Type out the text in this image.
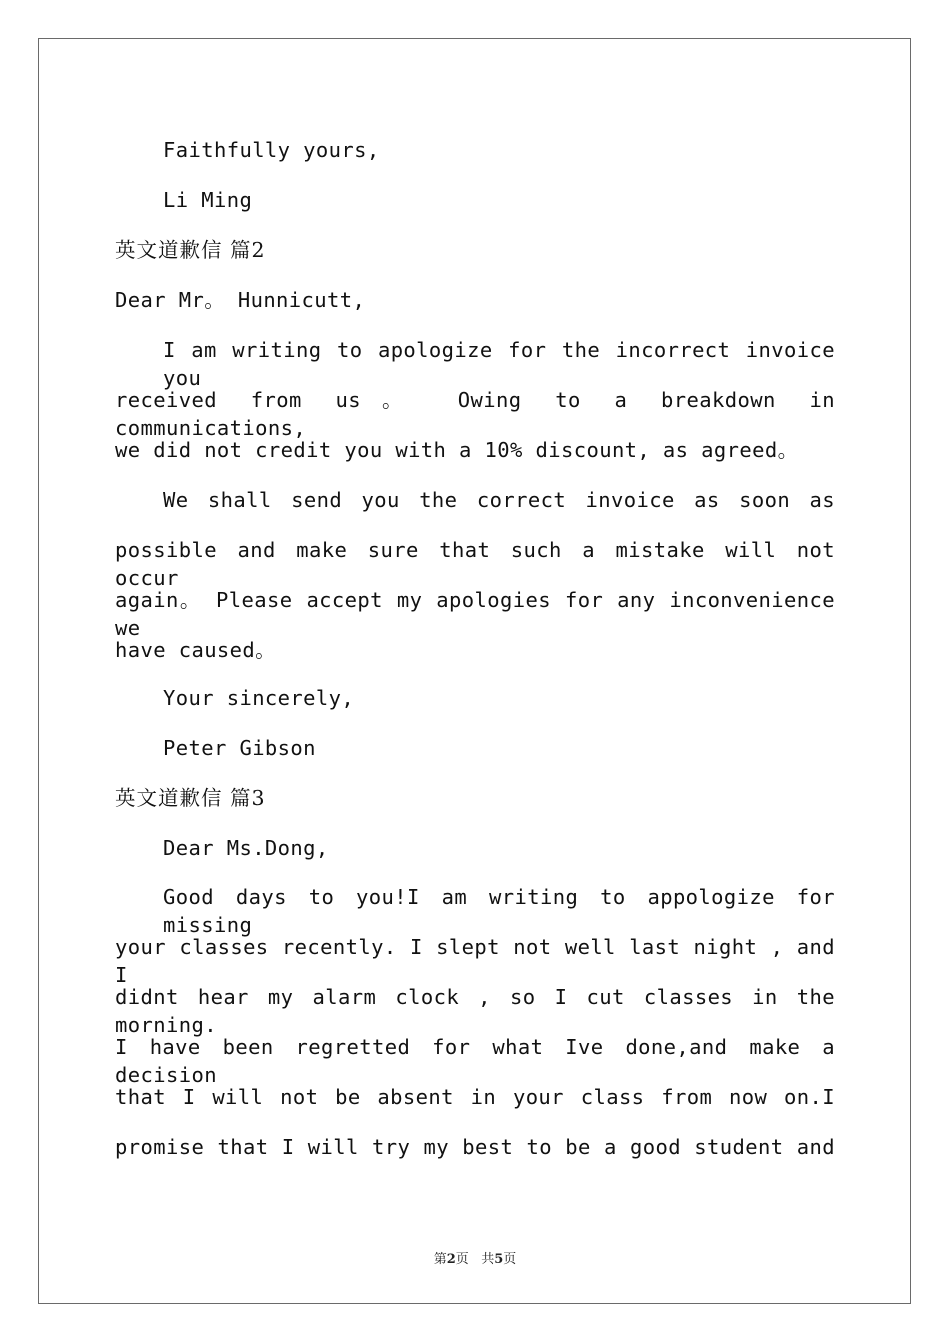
Faithfully yours,
Li Ming
英文道歉信 篇2
Dear Mr。 Hunnicutt,
I am writing to apologize for the incorrect invoice you
received from us。 Owing to a breakdown in communications,
we did not credit you with a 10% discount, as agreed。
We shall send you the correct invoice as soon as
possible and make sure that such a mistake will not occur
again。 Please accept my apologies for any inconvenience we
have caused。
Your sincerely,
Peter Gibson
英文道歉信 篇3
Dear Ms.Dong,
Good days to you!I am writing to appologize for missing
your classes recently. I slept not well last night , and I
didnt hear my alarm clock , so I cut classes in the morning.
I have been regretted for what Ive done,and make a decision
that I will not be absent in your class from now on.I
promise that I will try my best to be a good student and
第2页   共5页
